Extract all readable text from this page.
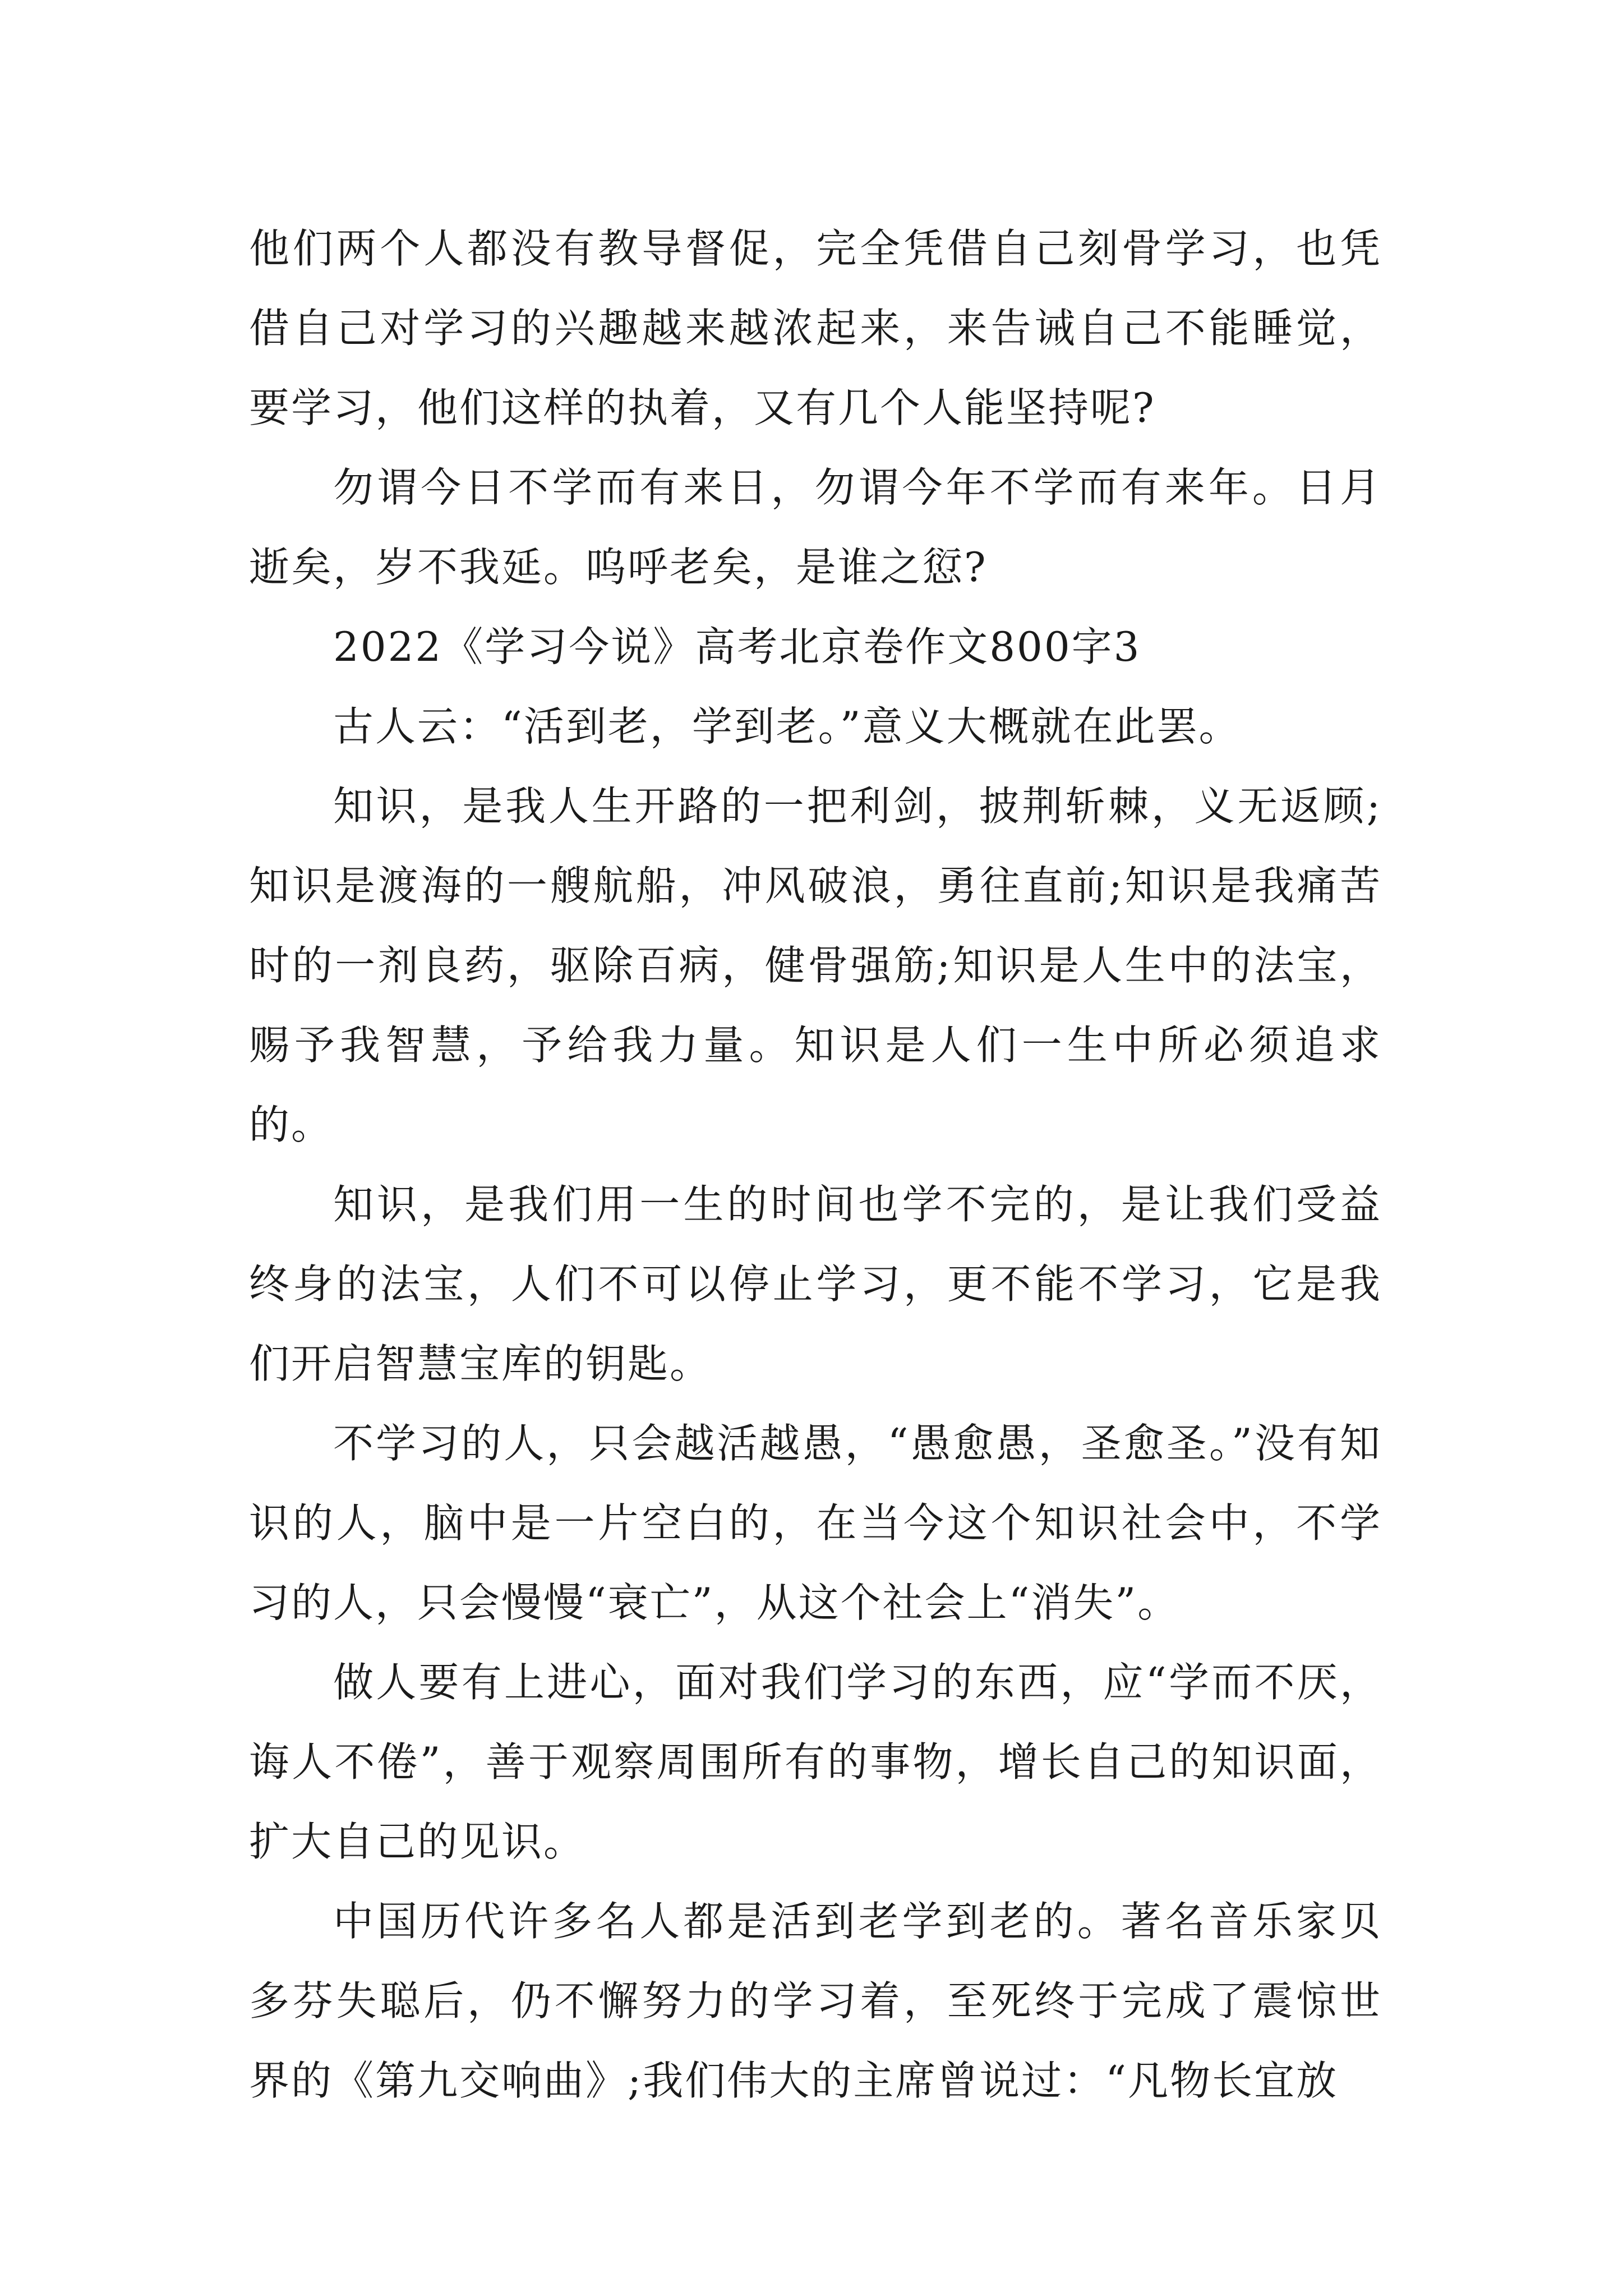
他们两个人都没有教导督促，完全凭借自己刻骨学习，也凭借自己对学习的兴趣越来越浓起来，来告诫自己不能睡觉，要学习，他们这样的执着，又有几个人能坚持呢?

勿谓今日不学而有来日，勿谓今年不学而有来年。日月逝矣，岁不我延。呜呼老矣，是谁之愆?

2022《学习今说》高考北京卷作文800字3

古人云：“活到老，学到老。”意义大概就在此罢。

知识，是我人生开路的一把利剑，披荆斩棘，义无返顾;知识是渡海的一艘航船，冲风破浪，勇往直前;知识是我痛苦时的一剂良药，驱除百病，健骨强筋;知识是人生中的法宝，赐予我智慧，予给我力量。知识是人们一生中所必须追求的。

知识，是我们用一生的时间也学不完的，是让我们受益终身的法宝，人们不可以停止学习，更不能不学习，它是我们开启智慧宝库的钥匙。

不学习的人，只会越活越愚，“愚愈愚，圣愈圣。”没有知识的人，脑中是一片空白的，在当今这个知识社会中，不学习的人，只会慢慢“衰亡”，从这个社会上“消失”。

做人要有上进心，面对我们学习的东西，应“学而不厌，诲人不倦”，善于观察周围所有的事物，增长自己的知识面，扩大自己的见识。

中国历代许多名人都是活到老学到老的。著名音乐家贝多芬失聪后，仍不懈努力的学习着，至死终于完成了震惊世界的《第九交响曲》;我们伟大的主席曾说过：“凡物长宜放
